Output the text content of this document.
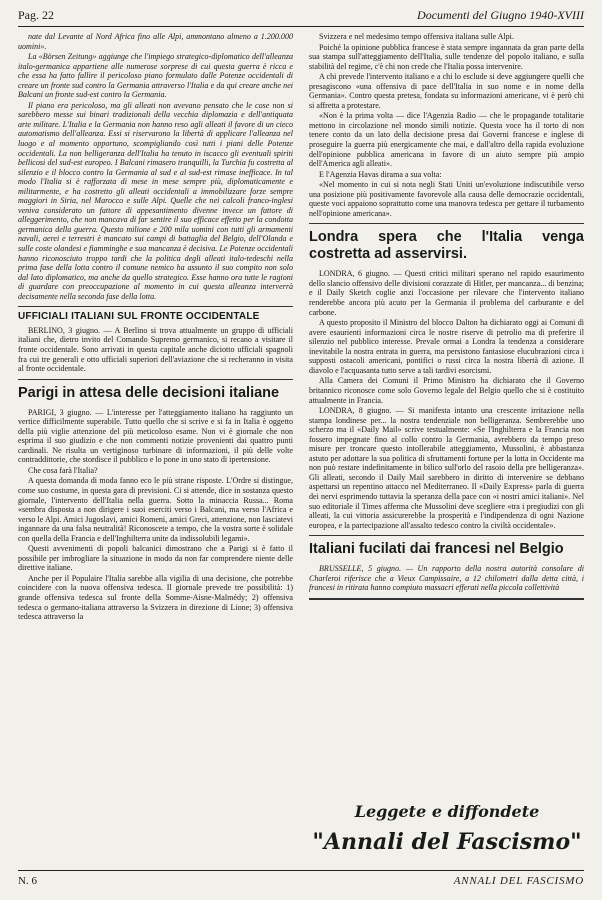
Pag. 22	Documenti del Giugno 1940-XVIII

nate dal Levante al Nord Africa fino alle Alpi, ammontano almeno a 1.200.000 uomini».

La «Börsen Zeitung» aggiunge che l'impiego strategico-diplomatico dell'alleanza italo-germanica appartiene alle numerose sorprese di cui questa guerra è ricca e che essa ha fatto fallire il pericoloso piano formulato dalle Potenze occidentali di creare un fronte sud contro la Germania attraverso l'Italia e da qui creare anche nei Balcani un fronte sud-est contro la Germania.

Il piano era pericoloso, ma gli alleati non avevano pensato che le cose non si sarebbero messe sui binari tradizionali della vecchia diplomazia e dell'antiquata arte militare. L'Italia e la Germania non hanno reso agli alleati il favore di un cieco automatismo dell'alleanza. Essi si riservarono la libertà di applicare l'alleanza nel luogo e al momento opportuno, scompigliando così tutti i piani delle Potenze occidentali. La non belligeranza dell'Italia ha tenuto in iscacco gli eventuali spiriti bellicosi del sud-est europeo. I Balcani rimasero tranquilli, la Turchia fu costretta al silenzio e il blocco contro la Germania al sud e al sud-est rimase inefficace. In tal modo l'Italia si è rafforzata di mese in mese sempre più, diplomaticamente e militarmente, e ha costretto gli alleati occidentali a immobilizzare forze sempre maggiori in Siria, nel Marocco e sulle Alpi. Quelle che nei calcoli franco-inglesi veniva considerato un fattore di appesantimento divenne invece un fattore di alleggerimento, che non mancava di far sentire il suo efficace effetto per la condotta germanica della guerra. Questo milione e 200 mila uomini con tutti gli armamenti navali, aerei e terrestri è mancato sui campi di battaglia del Belgio, dell'Olanda e sulle coste olandesi e fiamminghe e sua mancanza è decisiva. Le Potenze occidentali hanno riconosciuto troppo tardi che la politica degli alleati italo-tedeschi nella prima fase della lotta contro il comune nemico ha assunto il suo compito non solo dal lato diplomatico, ma anche da quello strategico. Esse hanno ora tutte le ragioni di guardare con preoccupazione al momento in cui questa alleanza interverrà decisamente nella seconda fase della lotta.

UFFICIALI ITALIANI SUL FRONTE OCCIDENTALE

BERLINO, 3 giugno. — A Berlino si trova attualmente un gruppo di ufficiali italiani che, dietro invito del Comando Supremo germanico, si recano a visitare il fronte occidentale. Sono arrivati in questa capitale anche diciotto ufficiali spagnoli fra cui tre generali e otto ufficiali superiori dell'aviazione che si recheranno in visita al fronte occidentale.

Parigi in attesa delle decisioni italiane

PARIGI, 3 giugno. — L'interesse per l'atteggiamento italiano ha raggiunto un vertice difficilmente superabile. Tutto quello che si scrive e si fa in Italia è oggetto della più viglie attenzione del più meticoloso esame. Non vi è giornale che non esprima il suo giudizio e che non commenti notizie provenienti dai quattro punti cardinali. Ne risulta un vertiginoso turbinare di informazioni, il più delle volte contraddittorie, che stordisce il pubblico e lo pone in uno stato di ipertensione.

Che cosa farà l'Italia?

A questa domanda di moda fanno eco le più strane risposte. L'Ordre si distingue, come suo costume, in questa gara di previsioni. Ci si attende, dice in sostanza questo giornale, l'intervento dell'Italia nella guerra. Sotto la minaccia Russa... Roma «sembra disposta a non dirigere i suoi eserciti verso i Balcani, ma verso l'Africa e verso le Alpi. Amici Jugoslavi, amici Romeni, amici Greci, attenzione, non lasciatevi ingannare da una falsa neutralità! Riconoscete a tempo, che la vostra sorte è solidale con quella della Francia e dell'Inghilterra unite da indissolubili legami».

Questi avvenimenti di popoli balcanici dimostrano che a Parigi si è fatto il possibile per imbrogliare la situazione in modo da non far comprendere niente delle direttive italiane.

Anche per il Populaire l'Italia sarebbe alla vigilia di una decisione, che potrebbe coincidere con la nuova offensiva tedesca. Il giornale prevede tre possibilità: 1) grande offensiva tedesca sul fronte della Somme-Aisne-Malmédy; 2) offensiva tedesca o germano-italiana attraverso la Svizzera in direzione di Lione; 3) offensiva tedesca attraverso la

Svizzera e nel medesimo tempo offensiva italiana sulle Alpi.

Poiché la opinione pubblica francese è stata sempre ingannata da gran parte della sua stampa sull'atteggiamento dell'Italia, sulle tendenze del popolo italiano, e sulla stabilità del regime, c'è chi non crede che l'Italia possa intervenire.

A chi prevede l'intervento italiano e a chi lo esclude si deve aggiungere quelli che presagiscono «una offensiva di pace dell'Italia in suo nome e in nome della Germania». Contro questa pretesa, fondata su informazioni americane, vi è però chi si affretta a protestare.

«Non è la prima volta — dice l'Agenzia Radio — che le propagande totalitarie mettono in circolazione nel mondo simili notizie. Questa voce ha il torto di non tenere conto da un lato della decisione presa dai Governi francese e inglese di proseguire la guerra più energicamente che mai, e dall'altro della rapida evoluzione dell'opinione pubblica americana in favore di un aiuto sempre più ampio dell'America agli alleati».

E l'Agenzia Havas dirama a sua volta:

«Nel momento in cui si nota negli Stati Uniti un'evoluzione indiscutibile verso una posizione più positivamente favorevole alla causa delle democrazie occidentali, queste voci appaiono soprattutto come una manovra tedesca per gettare il turbamento nell'opinione americana».

Londra spera che l'Italia venga costretta ad asservirsi.

LONDRA, 6 giugno. — Questi critici militari sperano nel rapido esaurimento dello slancio offensivo delle divisioni corazzate di Hitler, per mancanza... di benzina; e il Daily Sketch coglie anzi l'occasione per rilevare che l'intervento italiano renderebbe ancora più acuto per la Germania il problema del carburante e del carbone.

A questo proposito il Ministro del blocco Dalton ha dichiarato oggi ai Comuni di avere esaurienti informazioni circa le nostre riserve di petrolio ma di preferire il silenzio nel pubblico interesse. Prevale ormai a Londra la tendenza a considerare inevitabile la nostra entrata in guerra, ma persistono fantasiose elucubrazioni circa i supposti ostacoli americani, pontifici o russi circa la nostra libertà di azione. Il diavolo e l'acquasanta tutto serve a tali tardivi esorcismi.

Alla Camera dei Comuni il Primo Ministro ha dichiarato che il Governo britannico riconosce come solo Governo legale del Belgio quello che si è costituito attualmente in Francia.

LONDRA, 8 giugno. — Si manifesta intanto una crescente irritazione nella stampa londinese per... la nostra tendenziale non belligeranza. Sembrerebbe uno scherzo ma il «Daily Mail» scrive testualmente: «Se l'Inghilterra e la Francia non fossero impegnate fino al collo contro la Germania, avrebbero da tempo preso misure per troncare questo intollerabile atteggiamento, Mussolini, è abbastanza astuto per adottare la sua politica di sfruttamenti fortune per la lotta in Occidente ma non può restare indefinitamente in bilico sull'orlo del rasoio della pre belligeranza». Gli alleati, secondo il Daily Mail sarebbero in diritto di intervenire se debbano aspettarsi un repentino attacco nel Mediterraneo. Il «Daily Express» parla di guerra dei nervi esprimendo tuttavia la speranza della pace con «i nostri amici italiani». Nel suo editoriale il Times afferma che Mussolini deve scegliere «tra i pregiudizi con gli alleati, la cui vittoria assicurerebbe la prosperità e l'indipendenza di ogni Nazione europea, e la partecipazione all'assalto tedesco contro la civiltà occidentale».

Italiani fucilati dai francesi nel Belgio

BRUSSELLE, 5 giugno. — Un rapporto della nostra autorità consolare di Charleroi riferisce che a Vieux Campissaire, a 12 chilometri dalla detta città, i francesi in ritirata hanno compiuto massacri efferati nella piccola collettività

Leggete e diffondete
"Annali del Fascismo"
N. 6	ANNALI DEL FASCISMO
